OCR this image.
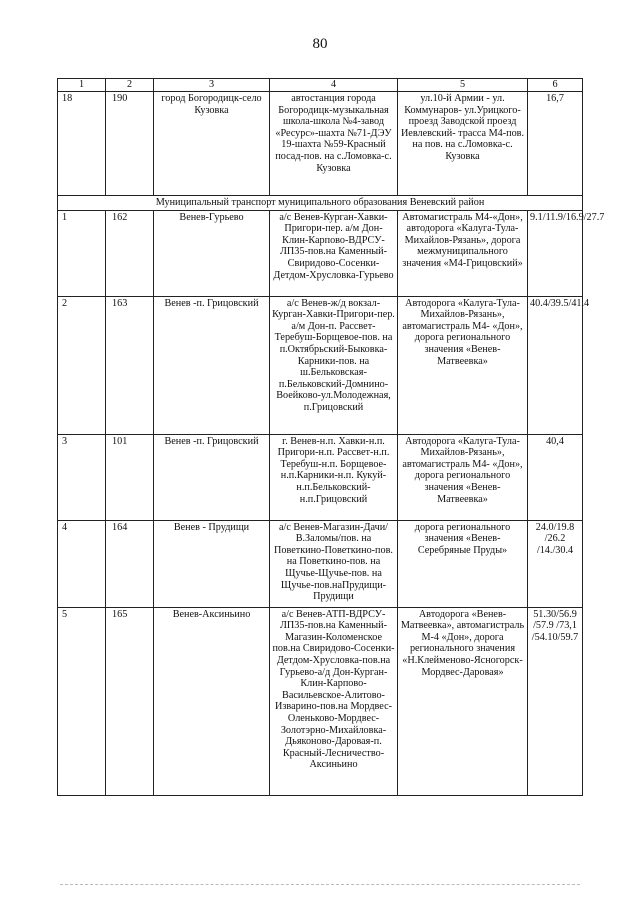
80
1	2	3	4	5	6
18	190	город Богородицк-село Кузовка	автостанция города Богородицк-музыкальная школа-школа №4-завод «Ресурс»-шахта №71-ДЭУ 19-шахта №59-Красный посад-пов. на с.Ломовка-с. Кузовка	ул.10-й Армии - ул. Коммунаров- ул.Урицкого-проезд Заводской проезд Иевлевский- трасса М4-пов. на пов. на с.Ломовка-с. Кузовка	16,7
Муниципальный транспорт муниципального образования Веневский район					
1	162	Венев-Гурьево	а/с Венев-Курган-Хавки-Пригори-пер. а/м Дон-Клин-Карпово-ВДРСУ-ЛП35-пов.на Каменный-Свиридово-Сосенки-Детдом-Хрусловка-Гурьево	Автомагистраль М4-«Дон», автодорога «Калуга-Тула-Михайлов-Рязань», дорога межмуниципального значения «М4-Грицовский»	9.1/11.9/16.9/27.7
2	163	Венев -п. Грицовский	а/с Венев-ж/д вокзал-Курган-Хавки-Пригори-пер. а/м Дон-п. Рассвет-Теребуш-Борщевое-пов. на п.Октябрьский-Быковка-Карники-пов. на ш.Бельковская-п.Бельковский-Домнино-Воейково-ул.Молодежная, п.Грицовский	Автодорога «Калуга-Тула-Михайлов-Рязань», автомагистраль М4- «Дон», дорога регионального значения «Венев-Матвеевка»	40.4/39.5/41.4
3	101	Венев -п. Грицовский	г. Венев-н.п. Хавки-н.п. Пригори-н.п. Рассвет-н.п. Теребуш-н.п. Борщевое- н.п.Карники-н.п. Кукуй-н.п.Бельковский-н.п.Грицовский	Автодорога «Калуга-Тула-Михайлов-Рязань», автомагистраль М4- «Дон», дорога регионального значения «Венев-Матвеевка»	40,4
4	164	Венев - Прудищи	а/с Венев-Магазин-Дачи/В.Заломы/пов. на Поветкино-Поветкино-пов. на Поветкино-пов. на Щучье-Щучье-пов. на Щучье-пов.наПрудищи-Прудищи	дорога регионального значения «Венев-Серебряные Пруды»	24.0/19.8 /26.2 /14./30.4
5	165	Венев-Аксиньино	а/с Венев-АТП-ВДРСУ-ЛП35-пов.на Каменный-Магазин-Коломенское пов.на Свиридово-Сосенки-Детдом-Хрусловка-пов.на Гурьево-а/д Дон-Курган-Клин-Карпово-Васильевское-Алитово-Изварино-пов.на Мордвес-Оленьково-Мордвес-Золотэрно-Михайловка-Дьяконово-Даровая-п. Красный-Лесничество-Аксиньино	Автодорога «Венев-Матвеевка», автомагистраль М-4 «Дон», дорога регионального значения «Н.Клейменово-Ясногорск-Мордвес-Даровая»	51.30/56.9 /57.9 /73,1 /54.10/59.7
